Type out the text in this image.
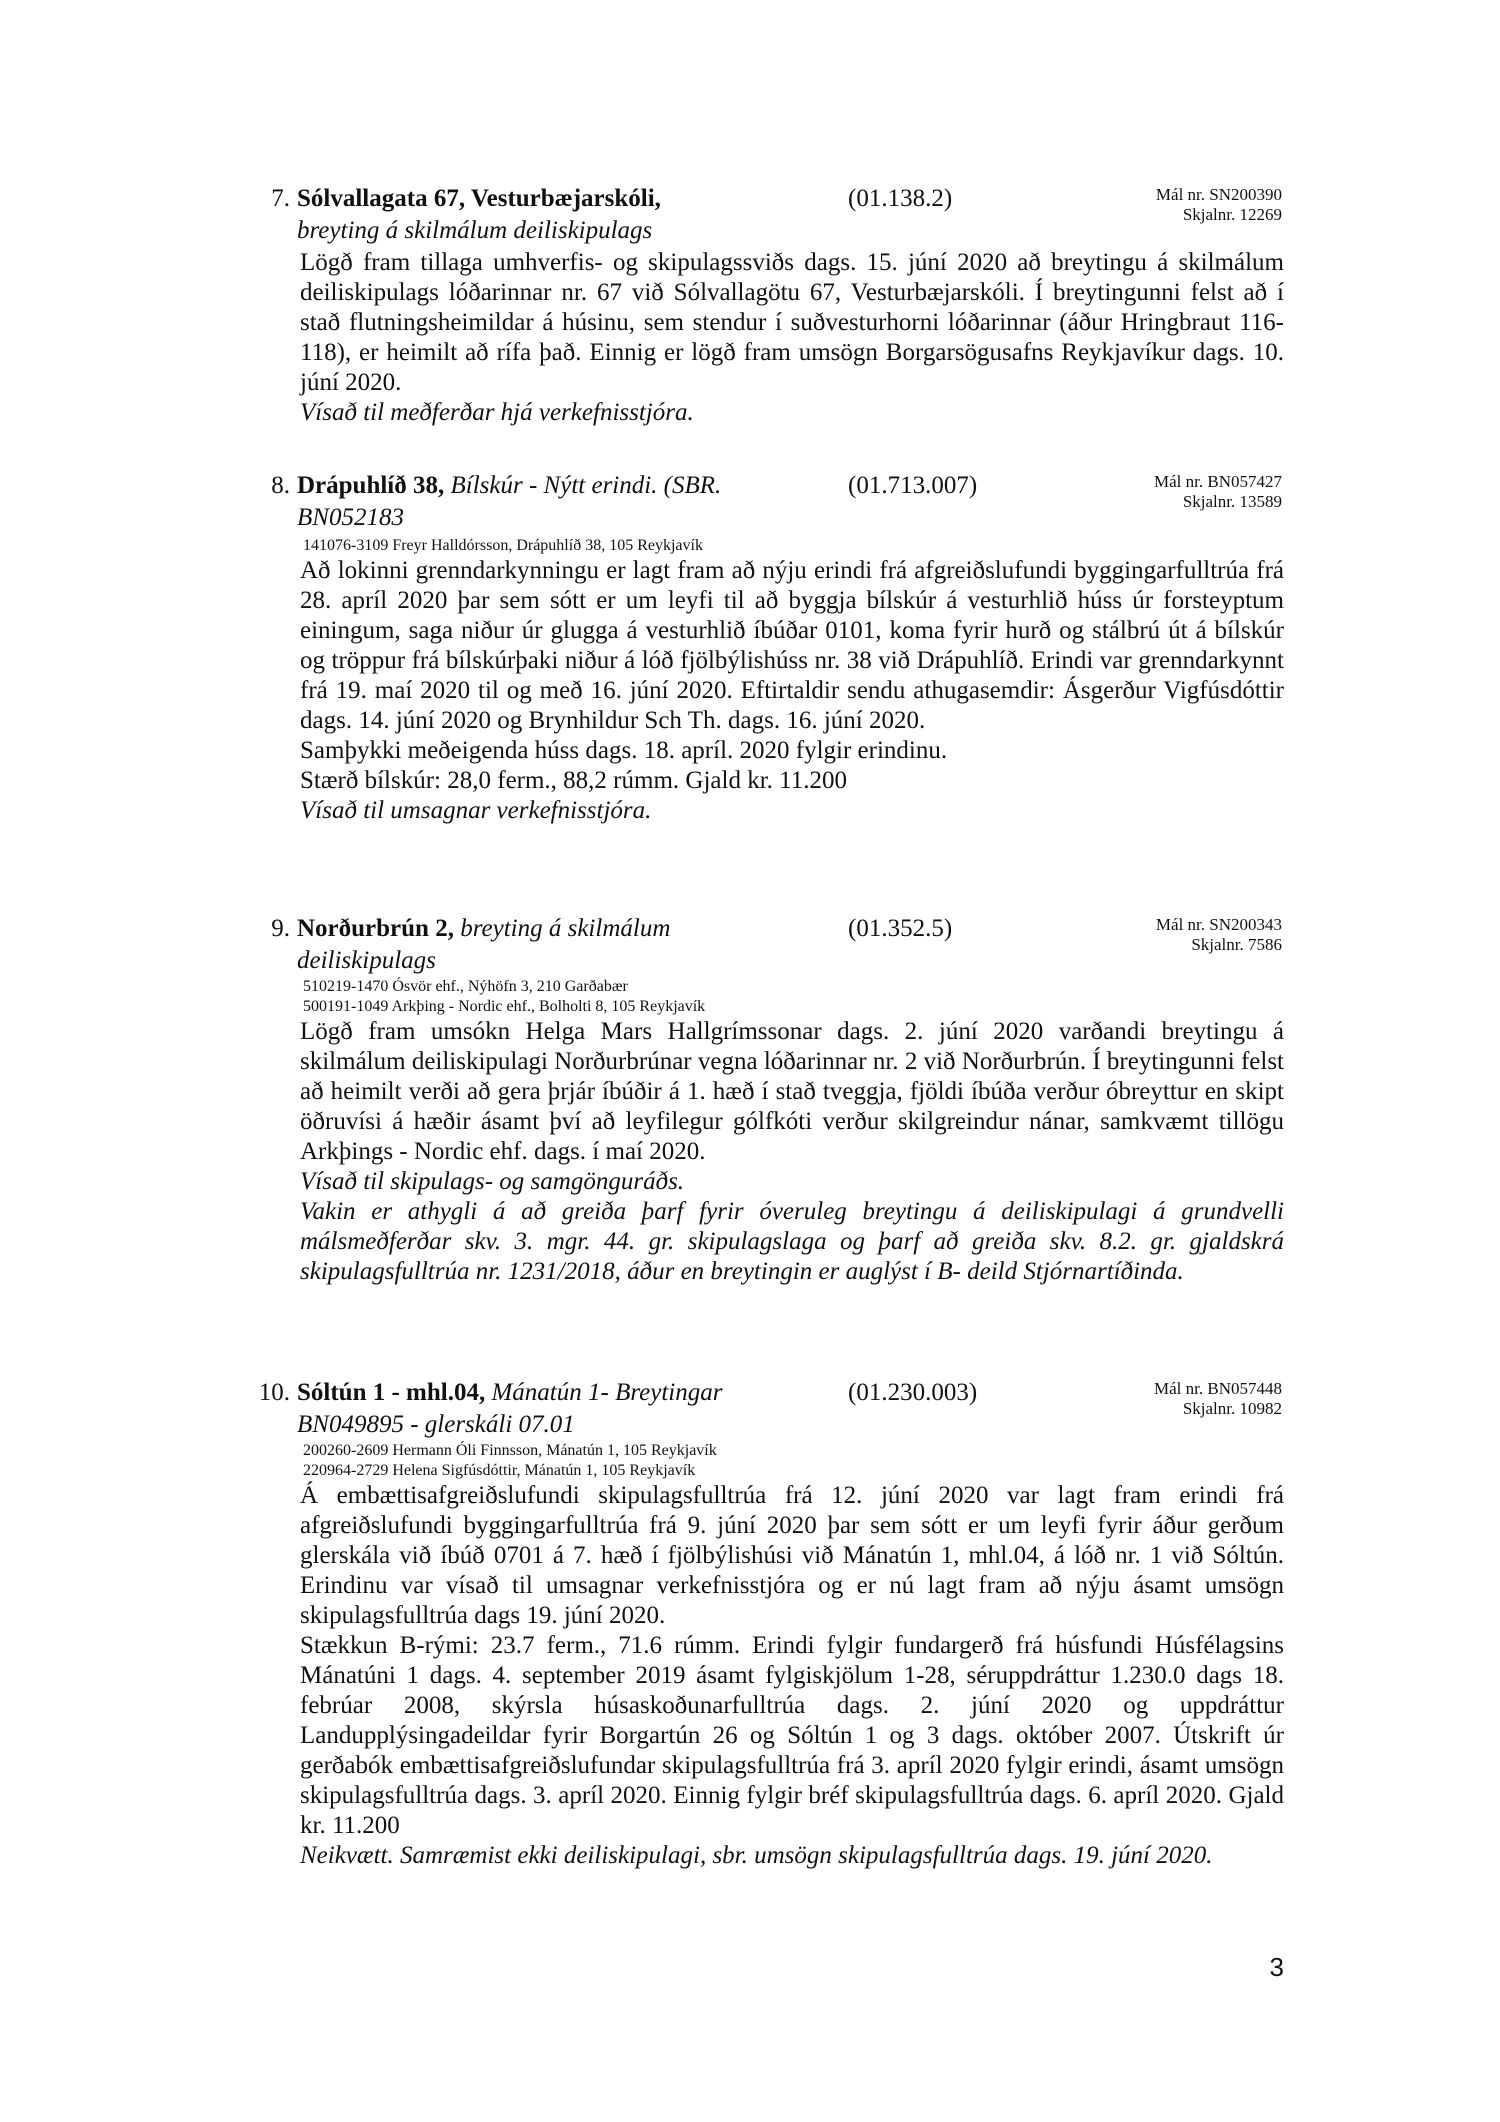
7. Sólvallagata 67, Vesturbæjarskóli,
breyting á skilmálum deiliskipulags
(01.138.2)	Mál nr. SN200390
Skjalnr. 12269

Lögð fram tillaga umhverfis- og skipulagssviðs dags. 15. júní 2020 að breytingu á skilmálum deiliskipulags lóðarinnar nr. 67 við Sólvallagötu 67, Vesturbæjarskóli. Í breytingunni felst að í stað flutningsheimildar á húsinu, sem stendur í suðvesturhorni lóðarinnar (áður Hringbraut 116-118), er heimilt að rífa það. Einnig er lögð fram umsögn Borgarsögusafns Reykjavíkur dags. 10. júní 2020.

Vísað til meðferðar hjá verkefnisstjóra.

8. Drápuhlíð 38, Bílskúr - Nýtt erindi. (SBR.
BN052183
(01.713.007)	Mál nr. BN057427
Skjalnr. 13589
141076-3109 Freyr Halldórsson, Drápuhlíð 38, 105 Reykjavík

Að lokinni grenndarkynningu er lagt fram að nýju erindi frá afgreiðslufundi byggingarfulltrúa frá 28. apríl 2020 þar sem sótt er um leyfi til að byggja bílskúr á vesturhlið húss úr forsteyptum einingum, saga niður úr glugga á vesturhlið íbúðar 0101, koma fyrir hurð og stálbrú út á bílskúr og tröppur frá bílskúrþaki niður á lóð fjölbýlishúss nr. 38 við Drápuhlíð. Erindi var grenndarkynnt frá 19. maí 2020 til og með 16. júní 2020. Eftirtaldir sendu athugasemdir: Ásgerður Vigfúsdóttir dags. 14. júní 2020 og Brynhildur Sch Th. dags. 16. júní 2020.

Samþykki meðeigenda húss dags. 18. apríl. 2020 fylgir erindinu.

Stærð bílskúr: 28,0 ferm., 88,2 rúmm. Gjald kr. 11.200

Vísað til umsagnar verkefnisstjóra.

9. Norðurbrún 2, breyting á skilmálum
deiliskipulags
(01.352.5)	Mál nr. SN200343
Skjalnr. 7586
510219-1470 Ósvör ehf., Nýhöfn 3, 210 Garðabær
500191-1049 Arkþing - Nordic ehf., Bolholti 8, 105 Reykjavík

Lögð fram umsókn Helga Mars Hallgrímssonar dags. 2. júní 2020 varðandi breytingu á skilmálum deiliskipulagi Norðurbrúnar vegna lóðarinnar nr. 2 við Norðurbrún. Í breytingunni felst að heimilt verði að gera þrjár íbúðir á 1. hæð í stað tveggja, fjöldi íbúða verður óbreyttur en skipt öðruvísi á hæðir ásamt því að leyfilegur gólfkóti verður skilgreindur nánar, samkvæmt tillögu Arkþings - Nordic ehf. dags. í maí 2020.

Vísað til skipulags- og samgönguráðs.

Vakin er athygli á að greiða þarf fyrir óveruleg breytingu á deiliskipulagi á grundvelli málsmeðferðar skv. 3. mgr. 44. gr. skipulagslaga og þarf að greiða skv. 8.2. gr. gjaldskrá skipulagsfulltrúa nr. 1231/2018, áður en breytingin er auglýst í B- deild Stjórnartíðinda.

10. Sóltún 1 - mhl.04, Mánatún 1- Breytingar
BN049895 - glerskáli 07.01
(01.230.003)	Mál nr. BN057448
Skjalnr. 10982
200260-2609 Hermann Óli Finnsson, Mánatún 1, 105 Reykjavík
220964-2729 Helena Sigfúsdóttir, Mánatún 1, 105 Reykjavík

Á embættisafgreiðslufundi skipulagsfulltrúa frá 12. júní 2020 var lagt fram erindi frá afgreiðslufundi byggingarfulltrúa frá 9. júní 2020 þar sem sótt er um leyfi fyrir áður gerðum glerskála við íbúð 0701 á 7. hæð í fjölbýlishúsi við Mánatún 1, mhl.04, á lóð nr. 1 við Sóltún. Erindinu var vísað til umsagnar verkefnisstjóra og er nú lagt fram að nýju ásamt umsögn skipulagsfulltrúa dags 19. júní 2020.

Stækkun B-rými: 23.7 ferm., 71.6 rúmm. Erindi fylgir fundargerð frá húsfundi Húsfélagsins Mánatúni 1 dags. 4. september 2019 ásamt fylgiskjölum 1-28, séruppdráttur 1.230.0 dags 18. febrúar 2008, skýrsla húsaskoðunarfulltrúa dags. 2. júní 2020 og uppdráttur Landupplýsingadeildar fyrir Borgartún 26 og Sóltún 1 og 3 dags. október 2007. Útskrift úr gerðabók embættisafgreiðslufundar skipulagsfulltrúa frá 3. apríl 2020 fylgir erindi, ásamt umsögn skipulagsfulltrúa dags. 3. apríl 2020. Einnig fylgir bréf skipulagsfulltrúa dags. 6. apríl 2020. Gjald kr. 11.200

Neikvætt. Samræmist ekki deiliskipulagi, sbr. umsögn skipulagsfulltrúa dags. 19. júní 2020.

3
